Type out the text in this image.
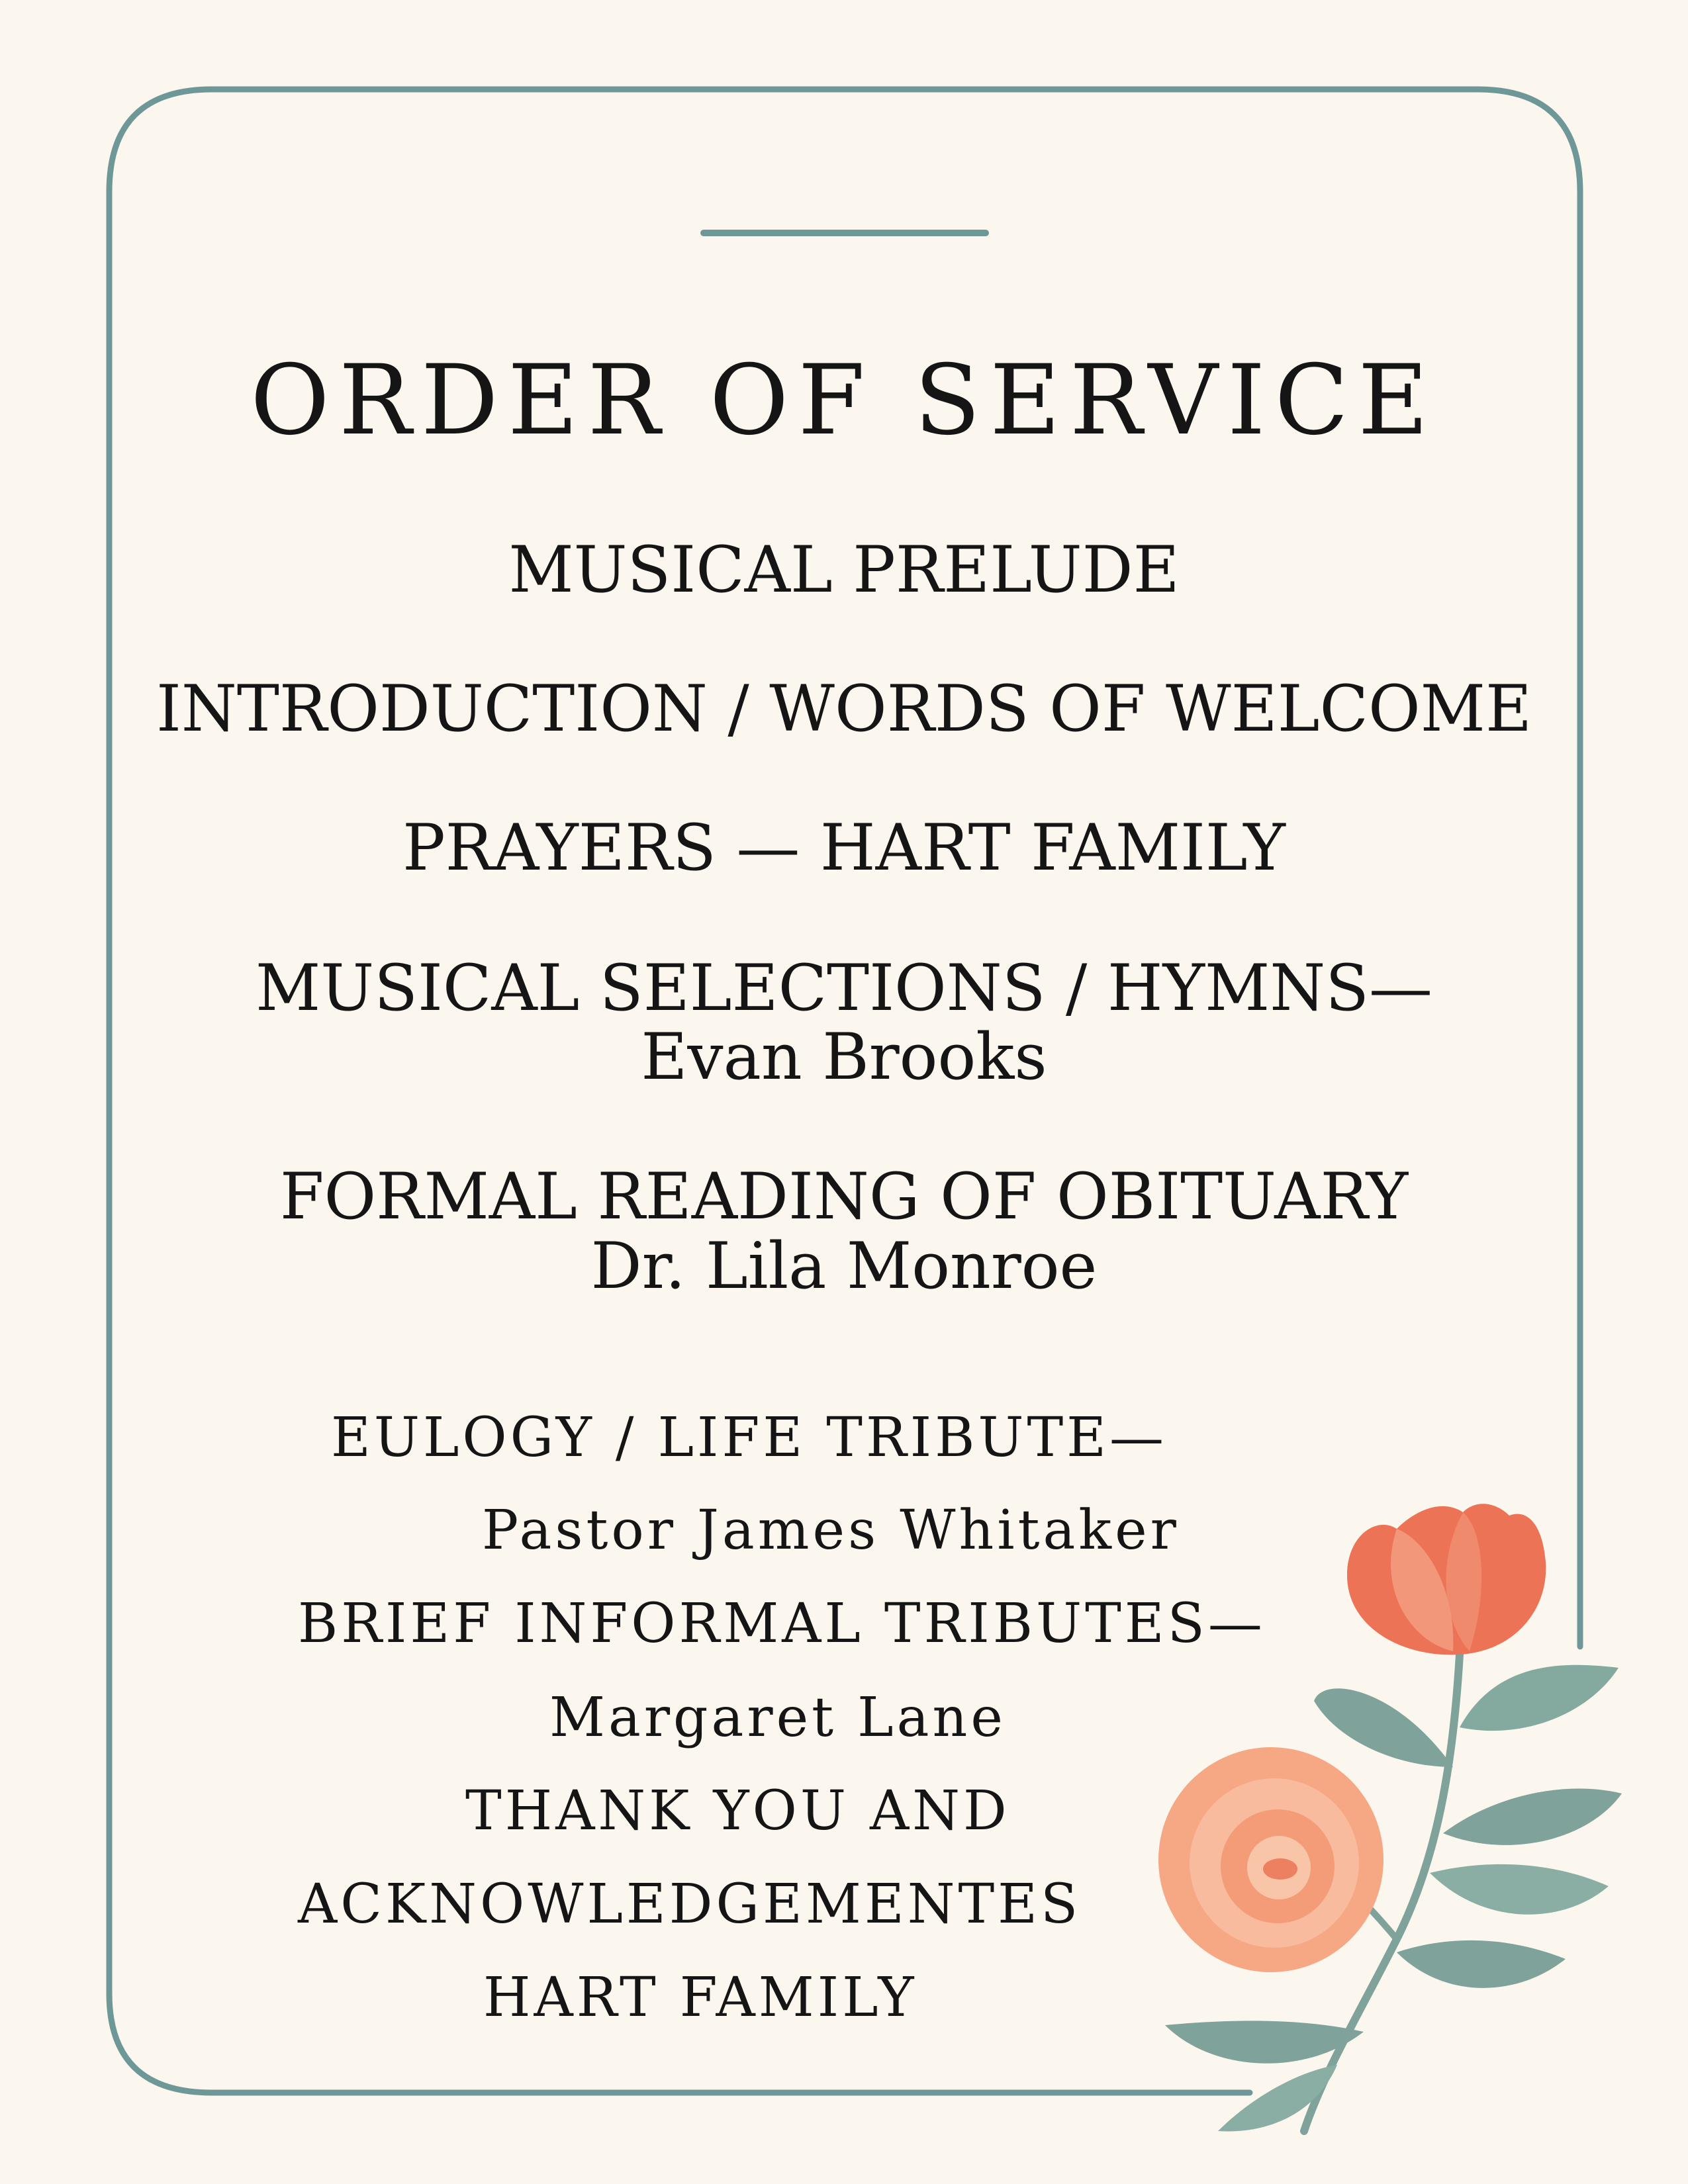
ORDER OF SERVICE
MUSICAL PRELUDE
INTRODUCTION / WORDS OF WELCOME
PRAYERS — HART FAMILY
MUSICAL SELECTIONS / HYMNS—
Evan Brooks
FORMAL READING OF OBITUARY
Dr. Lila Monroe
EULOGY / LIFE TRIBUTE—
Pastor James Whitaker
BRIEF INFORMAL TRIBUTES—
Margaret Lane
THANK YOU AND
ACKNOWLEDGEMENTES
HART FAMILY
